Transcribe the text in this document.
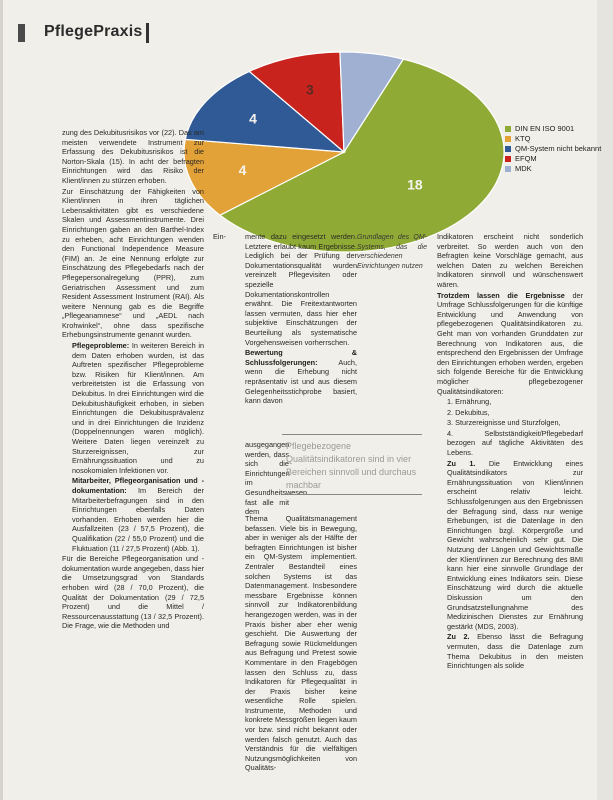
PflegePraxis
18
4
4
3
DIN EN ISO 9001
KTQ
QM-System nicht bekannt
EFQM
MDK

zung des Dekubitusrisikos vor (22). Das am meisten verwendete Instrument zur Erfassung des Dekubitusrisikos ist die Norton-Skala (15). In acht der befragten Einrichtungen wird das Risiko der Klient/innen zu stürzen erhoben.

Zur Einschätzung der Fähigkeiten von Klient/innen in ihren täglichen Lebensaktivitäten gibt es verschiedene Skalen und Assessmentinstrumente. Drei Einrichtungen gaben an den Barthel-Index zu erheben, acht Einrichtungen wenden den Functional Independence Measure (FIM) an. Je eine Nennung erfolgte zur Einschätzung des Pflegebedarfs nach der Pflegepersonalregelung (PPR), zum Geriatrischen Assessment und zum Resident Assessment Instrument (RAI). Als weitere Nennung gab es die Begriffe „Pflegeanamnese“ und „AEDL nach Krohwinkel“, ohne dass spezifische Erhebungsinstrumente genannt wurden.

Pflegeprobleme: In weiteren Bereich in dem Daten erhoben wurden, ist das Auftreten spezifischer Pflegeprobleme bzw. Risiken für Klient/innen. Am verbreitetsten ist die Erfassung von Dekubitus. In drei Einrichtungen wird die Dekubitushäufigkeit erhoben, in sieben Einrichtungen die Dekubitusprävalenz und in drei Einrichtungen die Inzidenz (Doppelnennungen waren möglich). Weitere Daten liegen vereinzelt zu Sturzereignissen, zur Ernährungssituation und zu nosokomialen Infektionen vor.

Mitarbeiter, Pflegeorganisation und -dokumentation: Im Bereich der Mitarbeiterbefragungen sind in den Einrichtungen ebenfalls Daten vorhanden. Erhoben werden hier die Ausfallzeiten (23 / 57,5 Prozent), die Qualifikation (22 / 55,0 Prozent) und die Fluktuation (11 / 27,5 Prozent) (Abb. 1).

Für die Bereiche Pflegeorganisation und -dokumentation wurde angegeben, dass hier die Umsetzungsgrad von Standards erhoben wird (28 / 70,0 Prozent), die Qualität der Dokumentation (29 / 72,5 Prozent) und die Mittel / Ressourcenausstattung (13 / 32,5 Prozent). Die Frage, wie die Methoden und

Ein-	mente dazu eingesetzt werden. Letztere erlaubt kaum Ergebnisse. Lediglich bei der Prüfung der Dokumentationsqualität wurden vereinzelt Pflegevisiten oder spezielle Dokumentationskontrollen erwähnt. Die Freitextantworten lassen vermuten, dass hier eher subjektive Einschätzungen der Beurteilung als systematische Vorgehensweisen vorherrschen.

Bewertung & Schlussfolgerungen:	Auch, wenn die Erhebung nicht repräsentativ ist und aus diesem Gelegenheitsstichprobe basiert, kann davon

ausgegangen werden, dass sich die Einrichtungen im Gesundheitswesen fast alle mit dem

Thema Qualitätsmanagement befassen. Viele bis in Bewegung, aber in weniger als der Hälfte der befragten Einrichtungen ist bisher ein QM-System implementiert. Zentraler Bestandteil eines solchen Systems ist das Datenmanagement. Insbesondere messbare Ergebnisse können sinnvoll zur Indikatorenbildung herangezogen werden, was in der Praxis bisher aber eher wenig geschieht. Die Auswertung der Befragung sowie Rückmeldungen aus Befragung und Pretest sowie Kommentare in den Fragebögen lassen den Schluss zu, dass Indikatoren für Pflegequalität in der Praxis bisher keine wesentliche Rolle spielen. Instrumente, Methoden und konkrete Messgrößen liegen kaum vor bzw. sind nicht bekannt oder werden falsch genutzt. Auch das Verständnis für die vielfältigen Nutzungsmöglichkeiten von Qualitäts-

Grundlagen des QM-Systems, das die verschiedenen Einrichtungen nutzen

Pflegebezogene Qualitätsindikatoren sind in vier Bereichen sinnvoll und durchaus machbar

Indikatoren erscheint nicht sonderlich verbreitet. So werden auch von den Befragten keine Vorschläge gemacht, aus welchen Daten zu welchen Bereichen Indikatoren sinnvoll und wünschenswert wären.

Trotzdem lassen die Ergebnisse der Umfrage Schlussfolgerungen für die künftige Entwicklung und Anwendung von pflegebezogenen Qualitätsindikatoren zu. Geht man von vorhanden Grunddaten zur Berechnung von Indikatoren aus, die entsprechend den Ergebnissen der Umfrage den Einrichtungen erhoben werden, ergeben sich folgende Bereiche für die Entwicklung möglicher pflegebezogener Qualitätsindikatoren:

1. Ernährung,

2. Dekubitus,

3. Sturzereignisse und Sturzfolgen,

4. Selbstständigkeit/Pflegebedarf bezogen auf tägliche Aktivitäten des Lebens.

Zu 1. Die Entwicklung eines Qualitätsindikators zur Ernährungssituation von Klient/innen erscheint relativ leicht. Schlussfolgerungen aus den Ergebnissen der Befragung sind, dass nur wenige Erhebungen, ist die Datenlage in den Einrichtungen bzgl. Körpergröße und Gewicht wahrscheinlich sehr gut. Die Nutzung der Längen und Gewichtsmaße der Klient/innen zur Berechnung des BMI kann hier eine sinnvolle Grundlage der Entwicklung eines Indikators sein. Diese Einschätzung wird durch die aktuelle Diskussion um den Grundsatzstellungnahme des Medizinischen Dienstes zur Ernährung gestärkt (MDS, 2003).

Zu 2. Ebenso lässt die Befragung vermuten, dass die Datenlage zum Thema Dekubitus in den meisten Einrichtungen als solide
